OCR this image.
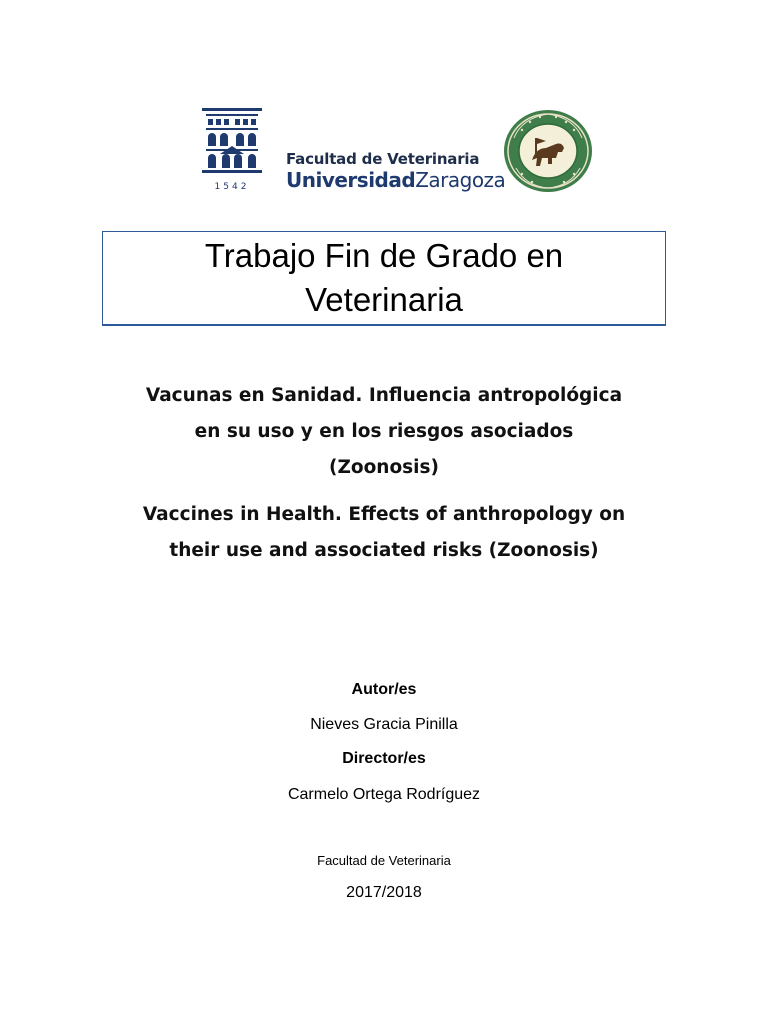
1542
Facultad de Veterinaria
UniversidadZaragoza
Trabajo Fin de Grado en
Veterinaria
Vacunas en Sanidad. Influencia antropológica
en su uso y en los riesgos asociados
(Zoonosis)
Vaccines in Health. Effects of anthropology on
their use and associated risks (Zoonosis)
Autor/es
Nieves Gracia Pinilla
Director/es
Carmelo Ortega Rodríguez
Facultad de Veterinaria
2017/2018
